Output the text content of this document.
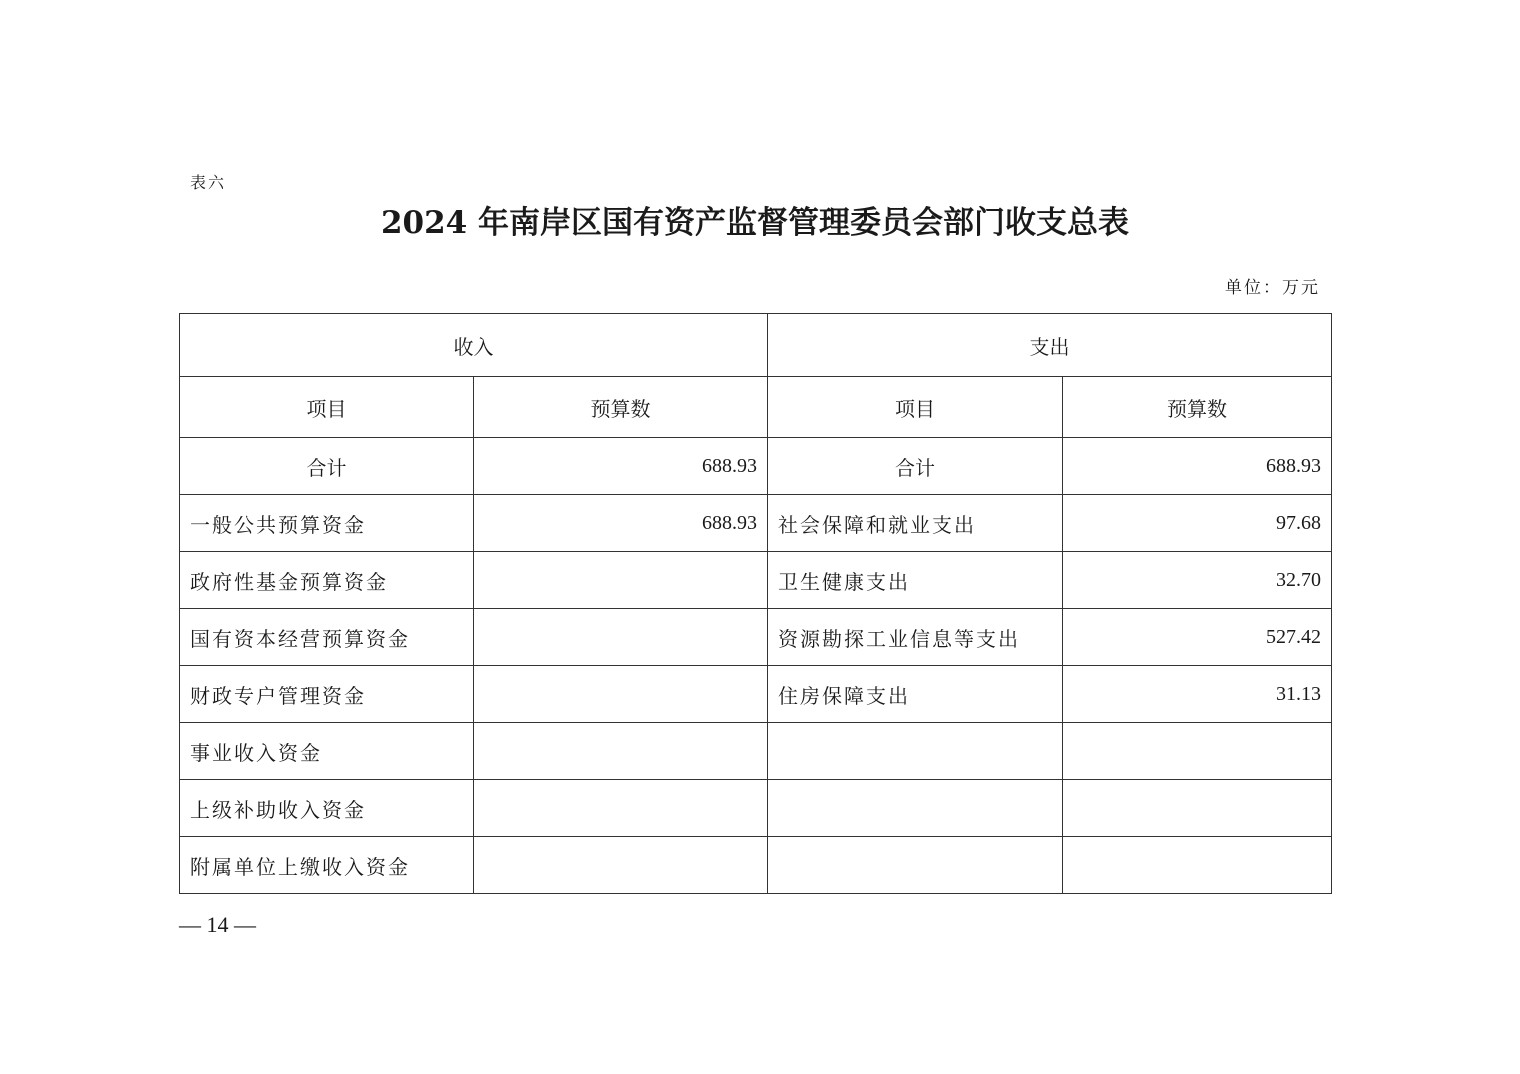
表六
2024 年南岸区国有资产监督管理委员会部门收支总表
单位：万元
收入		支出	
项目	预算数	项目	预算数
合计	688.93	合计	688.93
一般公共预算资金	688.93	社会保障和就业支出	97.68
政府性基金预算资金		卫生健康支出	32.70
国有资本经营预算资金		资源勘探工业信息等支出	527.42
财政专户管理资金		住房保障支出	31.13
事业收入资金			
上级补助收入资金			
附属单位上缴收入资金			
— 14 —
